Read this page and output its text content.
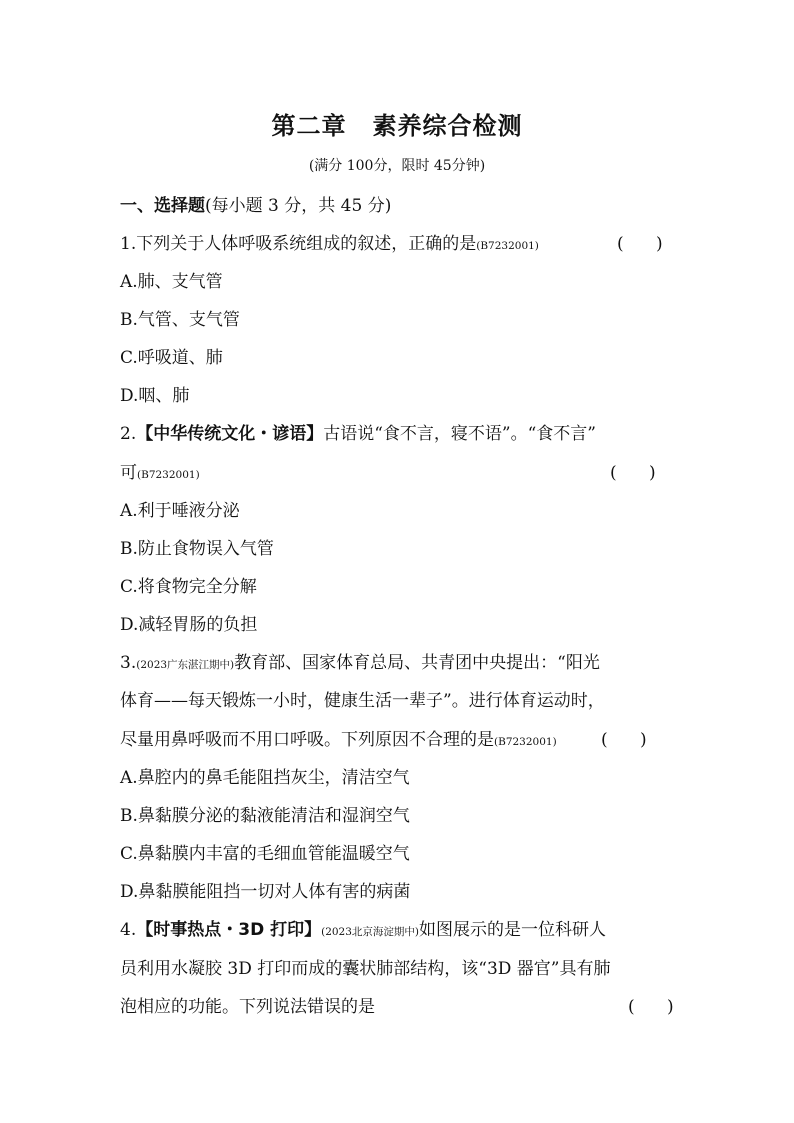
第二章 素养综合检测
(满分 100分，限时 45分钟)
一、选择题(每小题 3 分，共 45 分)
1.下列关于人体呼吸系统组成的叙述，正确的是(B7232001)	(      )
A.肺、支气管
B.气管、支气管
C.呼吸道、肺
D.咽、肺
2.【中华传统文化・谚语】古语说“食不言，寝不语”。“食不言”
可(B7232001)	(      )
A.利于唾液分泌
B.防止食物误入气管
C.将食物完全分解
D.减轻胃肠的负担
3.(2023广东湛江期中)教育部、国家体育总局、共青团中央提出：“阳光
体育——每天锻炼一小时，健康生活一辈子”。进行体育运动时，
尽量用鼻呼吸而不用口呼吸。下列原因不合理的是(B7232001)	(      )
A.鼻腔内的鼻毛能阻挡灰尘，清洁空气
B.鼻黏膜分泌的黏液能清洁和湿润空气
C.鼻黏膜内丰富的毛细血管能温暖空气
D.鼻黏膜能阻挡一切对人体有害的病菌
4.【时事热点・3D 打印】(2023北京海淀期中)如图展示的是一位科研人
员利用水凝胶 3D 打印而成的囊状肺部结构，该“3D 器官”具有肺
泡相应的功能。下列说法错误的是	(      )
